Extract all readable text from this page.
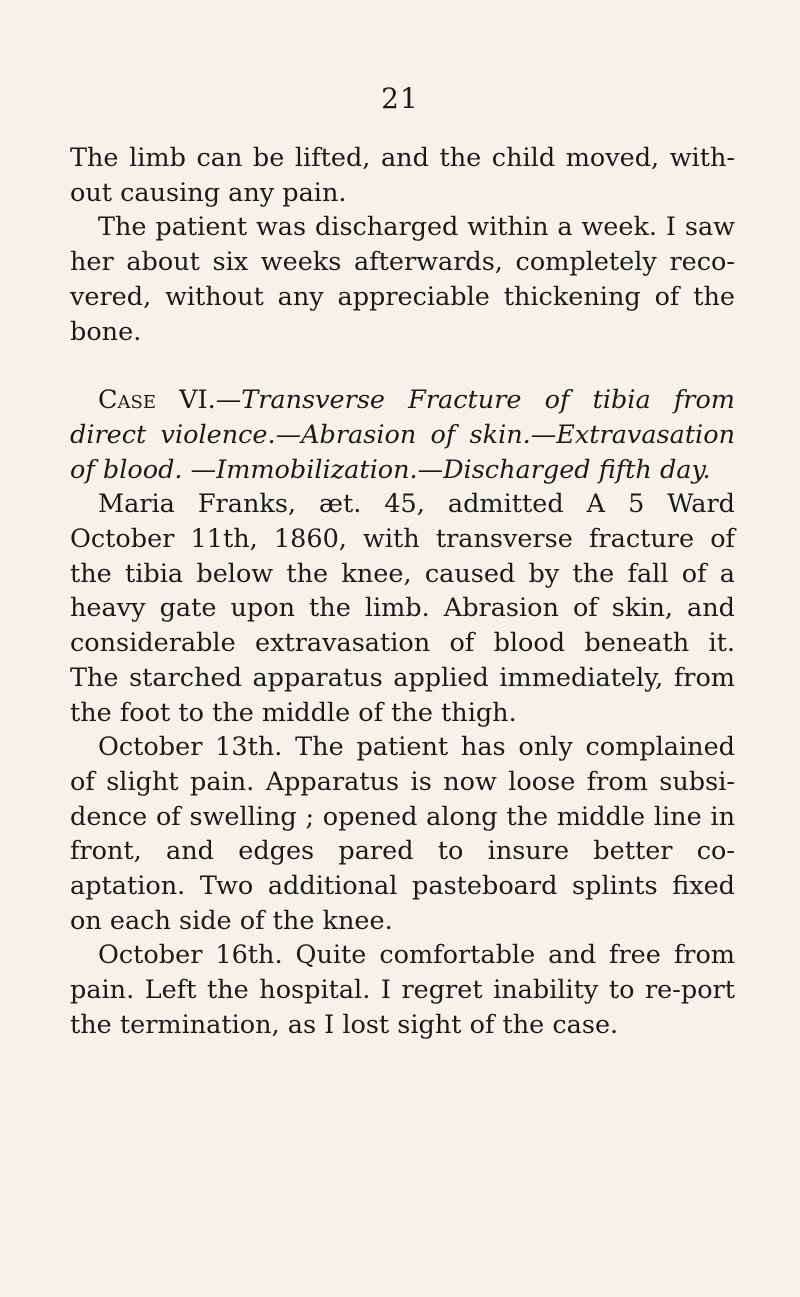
21

The limb can be lifted, and the child moved, with-out causing any pain.

The patient was discharged within a week. I saw her about six weeks afterwards, completely reco-vered, without any appreciable thickening of the bone.

Case VI.—Transverse Fracture of tibia from direct violence.—Abrasion of skin.—Extravasation of blood. —Immobilization.—Discharged fifth day.

Maria Franks, æt. 45, admitted A 5 Ward October 11th, 1860, with transverse fracture of the tibia below the knee, caused by the fall of a heavy gate upon the limb. Abrasion of skin, and considerable extravasation of blood beneath it. The starched apparatus applied immediately, from the foot to the middle of the thigh.

October 13th. The patient has only complained of slight pain. Apparatus is now loose from subsi-dence of swelling ; opened along the middle line in front, and edges pared to insure better co-aptation. Two additional pasteboard splints fixed on each side of the knee.

October 16th. Quite comfortable and free from pain. Left the hospital. I regret inability to re-port the termination, as I lost sight of the case.
